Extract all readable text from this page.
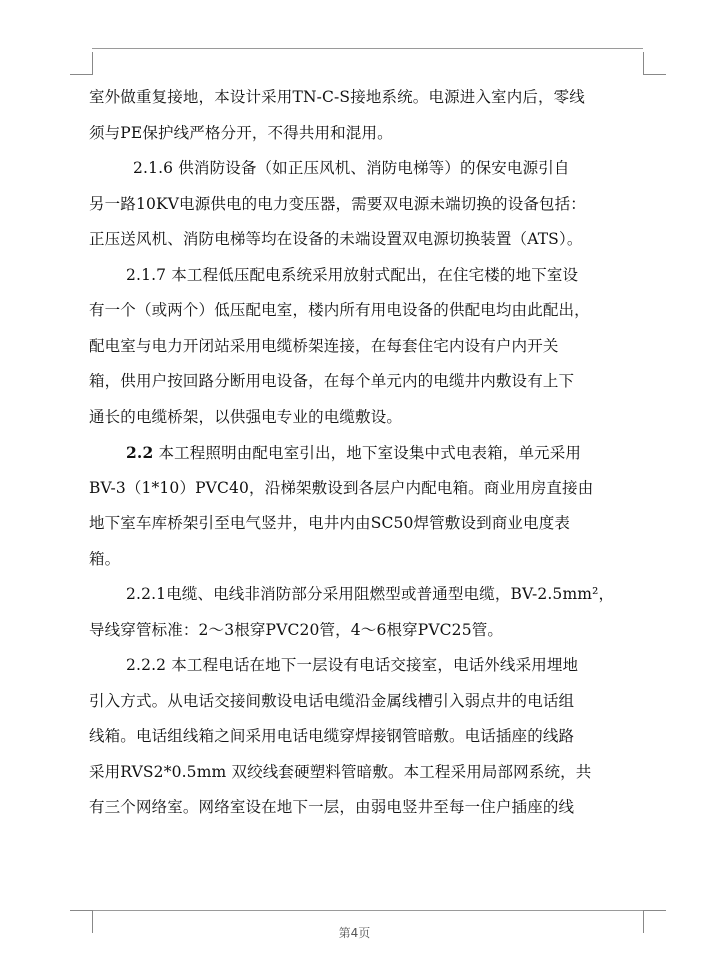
室外做重复接地，本设计采用TN-C-S接地系统。电源进入室内后，零线
须与PE保护线严格分开，不得共用和混用。
2.1.6 供消防设备（如正压风机、消防电梯等）的保安电源引自
另一路10KV电源供电的电力变压器，需要双电源未端切换的设备包括：
正压送风机、消防电梯等均在设备的未端设置双电源切换装置（ATS）。
2.1.7 本工程低压配电系统采用放射式配出，在住宅楼的地下室设
有一个（或两个）低压配电室，楼内所有用电设备的供配电均由此配出，
配电室与电力开闭站采用电缆桥架连接，在每套住宅内设有户内开关
箱，供用户按回路分断用电设备，在每个单元内的电缆井内敷设有上下
通长的电缆桥架，以供强电专业的电缆敷设。
2.2 本工程照明由配电室引出，地下室设集中式电表箱，单元采用
BV-3（1*10）PVC40，沿梯架敷设到各层户内配电箱。商业用房直接由
地下室车库桥架引至电气竖井，电井内由SC50焊管敷设到商业电度表
箱。
2.2.1电缆、电线非消防部分采用阻燃型或普通型电缆，BV-2.5mm²，
导线穿管标准：2～3根穿PVC20管，4～6根穿PVC25管。
2.2.2 本工程电话在地下一层设有电话交接室，电话外线采用埋地
引入方式。从电话交接间敷设电话电缆沿金属线槽引入弱点井的电话组
线箱。电话组线箱之间采用电话电缆穿焊接钢管暗敷。电话插座的线路
采用RVS2*0.5mm 双绞线套硬塑料管暗敷。本工程采用局部网系统，共
有三个网络室。网络室设在地下一层，由弱电竖井至每一住户插座的线
第4页
